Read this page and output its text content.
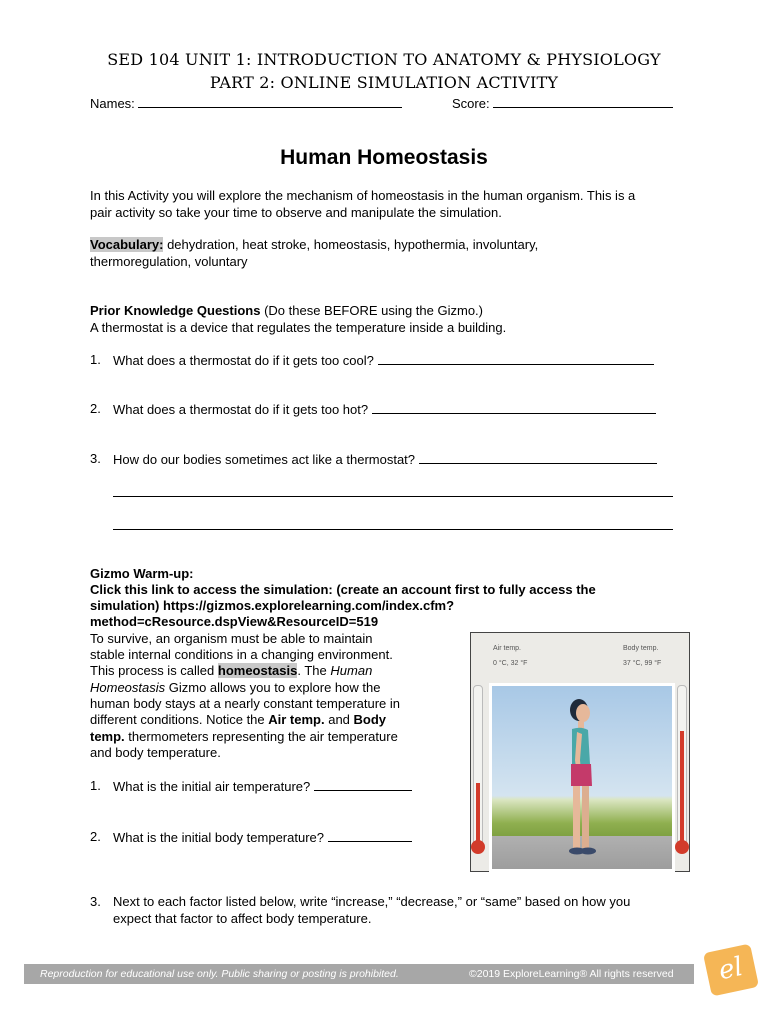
SED 104 UNIT 1: INTRODUCTION TO ANATOMY & PHYSIOLOGY
PART 2: ONLINE SIMULATION ACTIVITY
Names:	Score:
Human Homeostasis
In this Activity you will explore the mechanism of homeostasis in the human organism. This is a
pair activity so take your time to observe and manipulate the simulation.
Vocabulary: dehydration, heat stroke, homeostasis, hypothermia, involuntary,
thermoregulation, voluntary
Prior Knowledge Questions (Do these BEFORE using the Gizmo.)
A thermostat is a device that regulates the temperature inside a building.
1. What does a thermostat do if it gets too cool?
2. What does a thermostat do if it gets too hot?
3. How do our bodies sometimes act like a thermostat?
Gizmo Warm-up:
Click this link to access the simulation: (create an account first to fully access the
simulation) https://gizmos.explorelearning.com/index.cfm?
method=cResource.dspView&ResourceID=519
To survive, an organism must be able to maintain
stable internal conditions in a changing environment.
This process is called homeostasis. The Human
Homeostasis Gizmo allows you to explore how the
human body stays at a nearly constant temperature in
different conditions. Notice the Air temp. and Body
temp. thermometers representing the air temperature
and body temperature.
1. What is the initial air temperature?
2. What is the initial body temperature?
3. Next to each factor listed below, write “increase,” “decrease,” or “same” based on how you
expect that factor to affect body temperature.
Air temp.
0 °C, 32 °F
Body temp.
37 °C, 99 °F
Reproduction for educational use only. Public sharing or posting is prohibited.	©2019 ExploreLearning® All rights reserved	el
